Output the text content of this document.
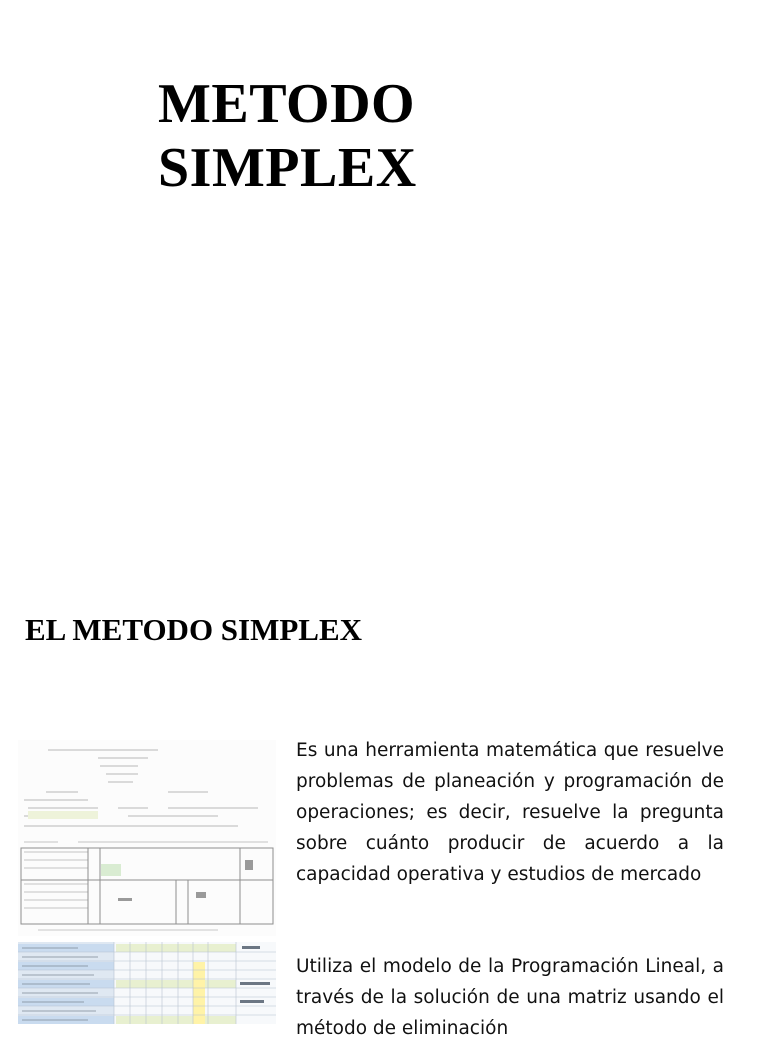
METODO
SIMPLEX
EL METODO SIMPLEX

Es una herramienta matemática que resuelve problemas de planeación y programación de operaciones; es decir, resuelve la pregunta sobre cuánto producir de acuerdo a la capacidad operativa y estudios de mercado

Utiliza el modelo de la Programación Lineal, a través de la solución de una matriz usando el método de eliminación
